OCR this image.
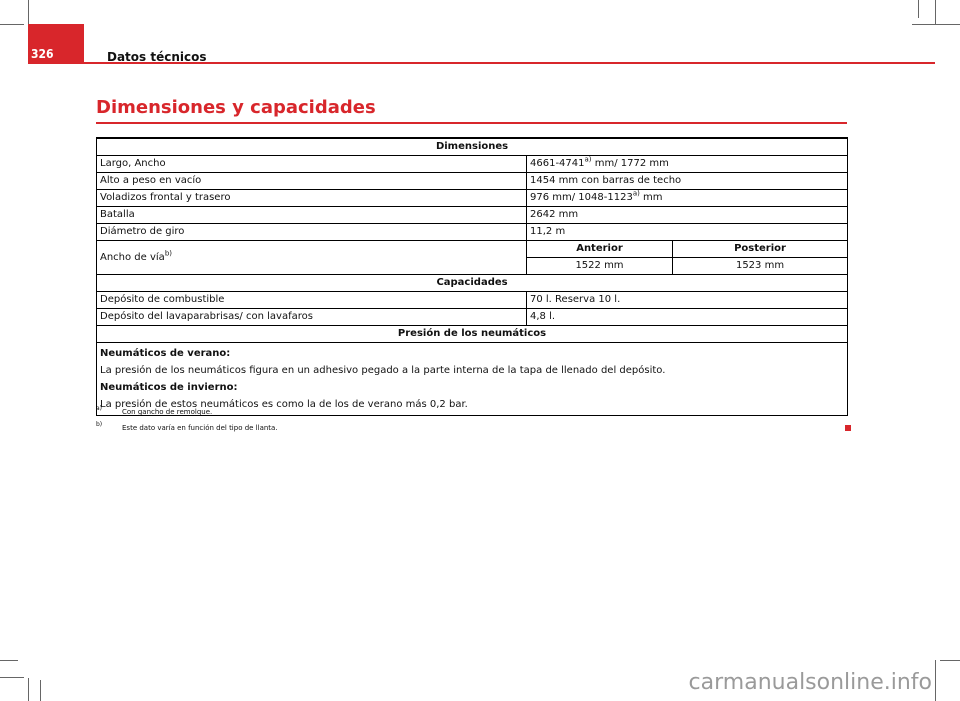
326	Datos técnicos
Dimensiones y capacidades
Dimensiones		
Largo, Ancho	4661-4741$^{a)}$ mm/ 1772 mm	
Alto a peso en vacío	1454 mm con barras de techo	
Voladizos frontal y trasero	976 mm/ 1048-1123$^{a)}$ mm	
Batalla	2642 mm	
Diámetro de giro	11,2 m	
Ancho de vía$^{b)}$	Anterior	Posterior
	1522 mm	1523 mm
Capacidades		
Depósito de combustible	70 l. Reserva 10 l.	
Depósito del lavaparabrisas/ con lavafaros	4,8 l.	
Presión de los neumáticos		

Neumáticos de verano:
La presión de los neumáticos figura en un adhesivo pegado a la parte interna de la tapa de llenado del depósito.
Neumáticos de invierno:
La presión de estos neumáticos es como la de los de verano más 0,2 bar.		
a)	Con gancho de remolque.
b)	Este dato varía en función del tipo de llanta.
carmanualsonline.info
